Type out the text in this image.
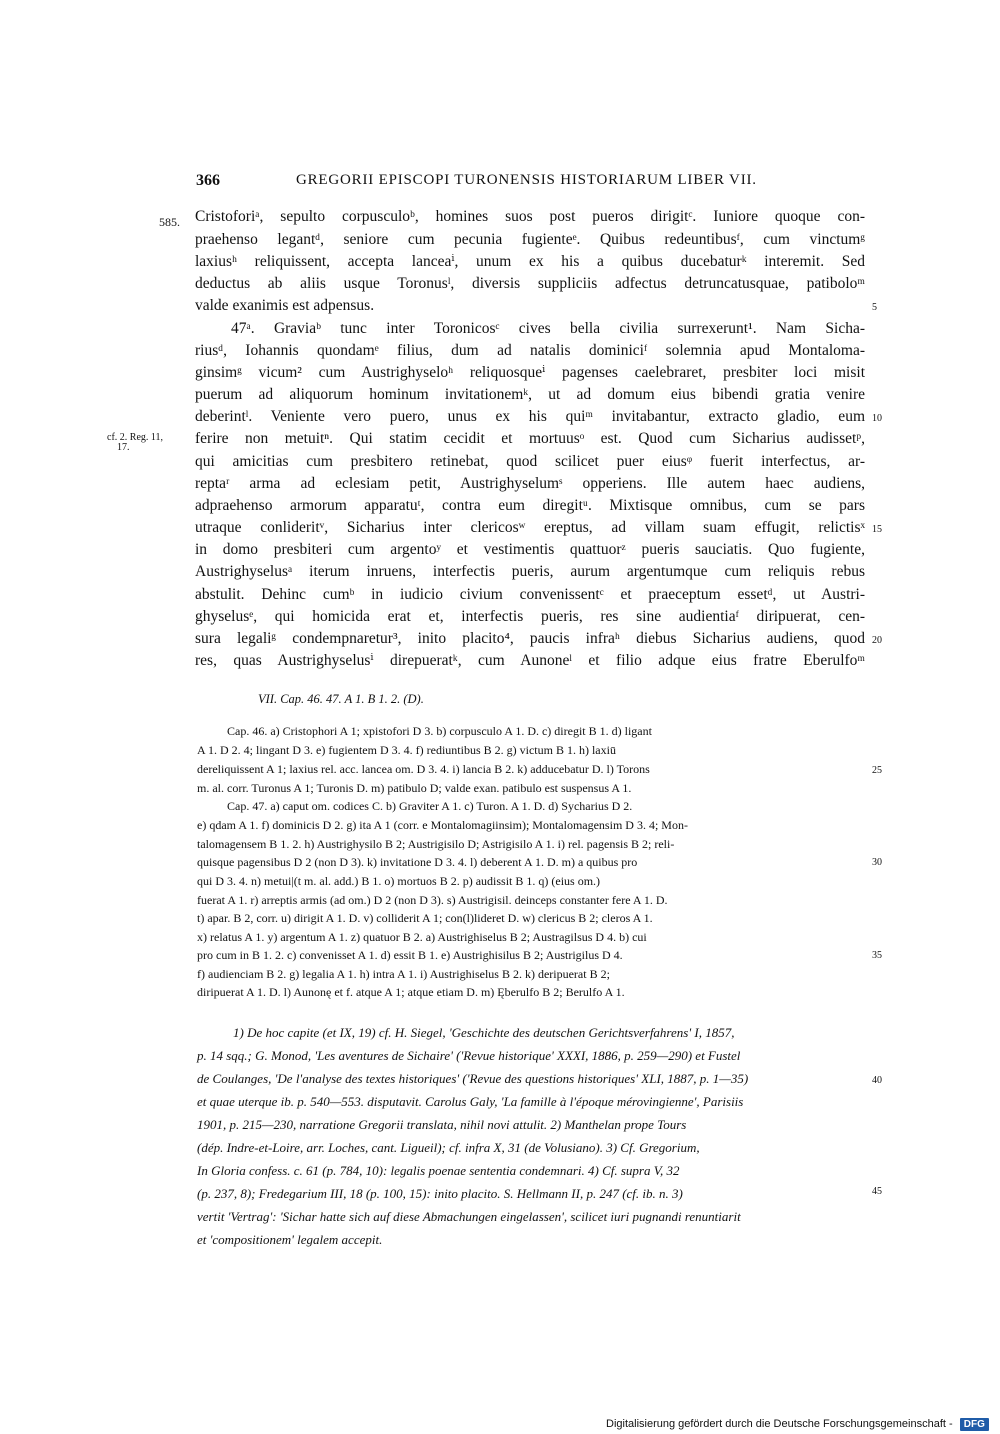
366	GREGORII EPISCOPI TURONENSIS HISTORIARUM LIBER VII.
585.
cf. 2. Reg. 11,
17.
Cristoforiᵃ, sepulto corpusculoᵇ, homines suos post pueros dirigitᶜ. Iuniore quoque con-
praehenso legantᵈ, seniore cum pecunia fugienteᵉ. Quibus redeuntibusᶠ, cum vinctumᵍ
laxiusʰ reliquissent, accepta lanceaⁱ, unum ex his a quibus ducebaturᵏ interemit. Sed
deductus ab aliis usque Toronusˡ, diversis suppliciis adfectus detruncatusquae, patiboloᵐ
valde exanimis est adpensus.
47ᵃ. Graviaᵇ tunc inter Toronicosᶜ cives bella civilia surrexerunt¹. Nam Sicha-
riusᵈ, Iohannis quondamᵉ filius, dum ad natalis dominiciᶠ solemnia apud Montaloma-
ginsimᵍ vicum² cum Austrighyseloʰ reliquosqueⁱ pagenses caelebraret, presbiter loci misit
puerum ad aliquorum hominum invitationemᵏ, ut ad domum eius bibendi gratia venire
deberintˡ. Veniente vero puero, unus ex his quiᵐ invitabantur, extracto gladio, eum
ferire non metuitⁿ. Qui statim cecidit et mortuusᵒ est. Quod cum Sicharius audissetᵖ,
qui amicitias cum presbitero retinebat, quod scilicet puer eiusᵠ fuerit interfectus, ar-
reptaʳ arma ad eclesiam petit, Austrighyselumˢ opperiens. Ille autem haec audiens,
adpraehenso armorum apparatuᵗ, contra eum diregitᵘ. Mixtisque omnibus, cum se pars
utraque conlideritᵛ, Sicharius inter clericosʷ ereptus, ad villam suam effugit, relictisˣ
in domo presbiteri cum argentoʸ et vestimentis quattuorᶻ pueris sauciatis. Quo fugiente,
Austrighyselusᵃ iterum inruens, interfectis pueris, aurum argentumque cum reliquis rebus
abstulit. Dehinc cumᵇ in iudicio civium convenissentᶜ et praeceptum essetᵈ, ut Austri-
ghyselusᵉ, qui homicida erat et, interfectis pueris, res sine audientiaᶠ diripuerat, cen-
sura legaliᵍ condempnaretur³, inito placito⁴, paucis infraʰ diebus Sicharius audiens, quod
res, quas Austrighyselusⁱ direpueratᵏ, cum Aunoneˡ et filio adque eius fratre Eberulfoᵐ
5
10
15
20
VII. Cap. 46. 47. A 1. B 1. 2. (D).
Cap. 46. a) Cristophori A 1; xpistofori D 3. b) corpusculo A 1. D. c) diregit B 1. d) ligant
A 1. D 2. 4; lingant D 3. e) fugientem D 3. 4. f) rediuntibus B 2. g) victum B 1. h) laxiū
dereliquissent A 1; laxius rel. acc. lancea om. D 3. 4. i) lancia B 2. k) adducebatur D. l) Torons
m. al. corr. Turonus A 1; Turonis D. m) patibulo D; valde exan. patibulo est suspensus A 1.
Cap. 47. a) caput om. codices C. b) Graviter A 1. c) Turon. A 1. D. d) Sycharius D 2.
e) qdam A 1. f) dominicis D 2. g) ita A 1 (corr. e Montalomagiinsim); Montalomagensim D 3. 4; Mon-
talomagensem B 1. 2. h) Austrighysilo B 2; Austrigisilo D; Astrigisilo A 1. i) rel. pagensis B 2; reli-
quisque pagensibus D 2 (non D 3). k) invitatione D 3. 4. l) deberent A 1. D. m) a quibus pro
qui D 3. 4. n) metui|(t m. al. add.) B 1. o) mortuos B 2. p) audissit B 1. q) (eius om.)
fuerat A 1. r) arreptis armis (ad om.) D 2 (non D 3). s) Austrigisil. deinceps constanter fere A 1. D.
t) apar. B 2, corr. u) dirigit A 1. D. v) colliderit A 1; con(l)lideret D. w) clericus B 2; cleros A 1.
x) relatus A 1. y) argentum A 1. z) quatuor B 2. a) Austrighiselus B 2; Austragilsus D 4. b) cui
pro cum in B 1. 2. c) convenisset A 1. d) essit B 1. e) Austrighisilus B 2; Austrigilus D 4.
f) audienciam B 2. g) legalia A 1. h) intra A 1. i) Austrighiselus B 2. k) deripuerat B 2;
diripuerat A 1. D. l) Aunonę et f. atque A 1; atque etiam D. m) Ęberulfo B 2; Berulfo A 1.
25
30
35
1) De hoc capite (et IX, 19) cf. H. Siegel, 'Geschichte des deutschen Gerichtsverfahrens' I, 1857,
p. 14 sqq.; G. Monod, 'Les aventures de Sichaire' ('Revue historique' XXXI, 1886, p. 259—290) et Fustel
de Coulanges, 'De l'analyse des textes historiques' ('Revue des questions historiques' XLI, 1887, p. 1—35)
et quae uterque ib. p. 540—553. disputavit. Carolus Galy, 'La famille à l'époque mérovingienne', Parisiis
1901, p. 215—230, narratione Gregorii translata, nihil novi attulit. 2) Manthelan prope Tours
(dép. Indre-et-Loire, arr. Loches, cant. Ligueil); cf. infra X, 31 (de Volusiano). 3) Cf. Gregorium,
In Gloria confess. c. 61 (p. 784, 10): legalis poenae sententia condemnari. 4) Cf. supra V, 32
(p. 237, 8); Fredegarium III, 18 (p. 100, 15): inito placito. S. Hellmann II, p. 247 (cf. ib. n. 3)
vertit 'Vertrag': 'Sichar hatte sich auf diese Abmachungen eingelassen', scilicet iuri pugnandi renuntiarit
et 'compositionem' legalem accepit.
40
45
Digitalisierung gefördert durch die Deutsche Forschungsgemeinschaft - DFG
